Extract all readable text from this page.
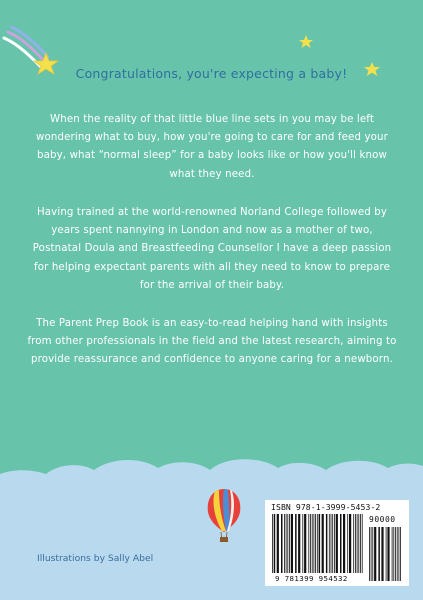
Congratulations, you're expecting a baby!

When the reality of that little blue line sets in you may be left wondering what to buy, how you're going to care for and feed your baby, what “normal sleep” for a baby looks like or how you'll know what they need.

Having trained at the world-renowned Norland College followed by years spent nannying in London and now as a mother of two, Postnatal Doula and Breastfeeding Counsellor I have a deep passion for helping expectant parents with all they need to know to prepare for the arrival of their baby.

The Parent Prep Book is an easy-to-read helping hand with insights from other professionals in the field and the latest research, aiming to provide reassurance and confidence to anyone caring for a newborn.

Illustrations by Sally Abel

ISBN 978-1-3999-5453-2

90000

9 781399 954532
